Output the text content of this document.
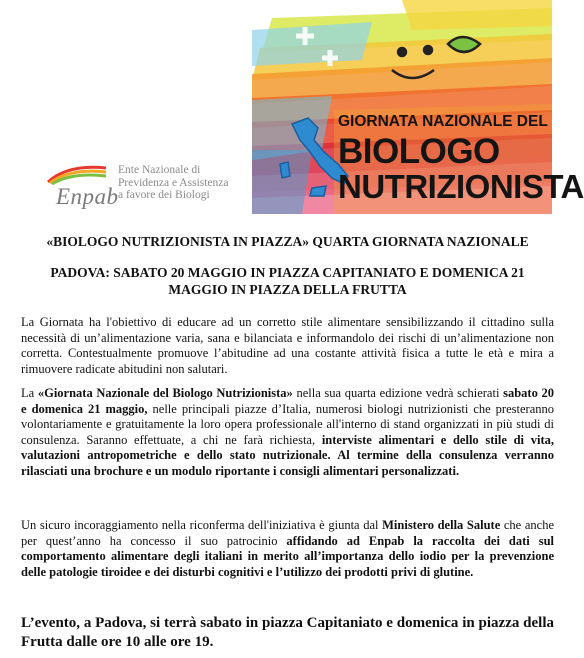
Enpab
Ente Nazionale di
Previdenza e Assistenza
a favore dei Biologi
GIORNATA NAZIONALE DEL
BIOLOGO
NUTRIZIONISTA
«BIOLOGO NUTRIZIONISTA IN PIAZZA» QUARTA GIORNATA NAZIONALE
PADOVA: SABATO 20 MAGGIO IN PIAZZA CAPITANIATO E DOMENICA 21 MAGGIO IN PIAZZA DELLA FRUTTA

La Giornata ha l'obiettivo di educare ad un corretto stile alimentare sensibilizzando il cittadino sulla necessità di un’alimentazione varia, sana e bilanciata e informandolo dei rischi di un’alimentazione non corretta. Contestualmente promuove l’abitudine ad una costante attività fisica a tutte le età e mira a rimuovere radicate abitudini non salutari.

La «Giornata Nazionale del Biologo Nutrizionista» nella sua quarta edizione vedrà schierati sabato 20 e domenica 21 maggio, nelle principali piazze d’Italia, numerosi biologi nutrizionisti che presteranno volontariamente e gratuitamente la loro opera professionale all'interno di stand organizzati in più studi di consulenza. Saranno effettuate, a chi ne farà richiesta, interviste alimentari e dello stile di vita, valutazioni antropometriche e dello stato nutrizionale. Al termine della consulenza verranno rilasciati una brochure e un modulo riportante i consigli alimentari personalizzati.

Un sicuro incoraggiamento nella riconferma dell'iniziativa è giunta dal Ministero della Salute che anche per quest’anno ha concesso il suo patrocinio affidando ad Enpab la raccolta dei dati sul comportamento alimentare degli italiani in merito all’importanza dello iodio per la prevenzione delle patologie tiroidee e dei disturbi cognitivi e l’utilizzo dei prodotti privi di glutine.

L’evento, a Padova, si terrà sabato in piazza Capitaniato e domenica in piazza della Frutta dalle ore 10 alle ore 19.
